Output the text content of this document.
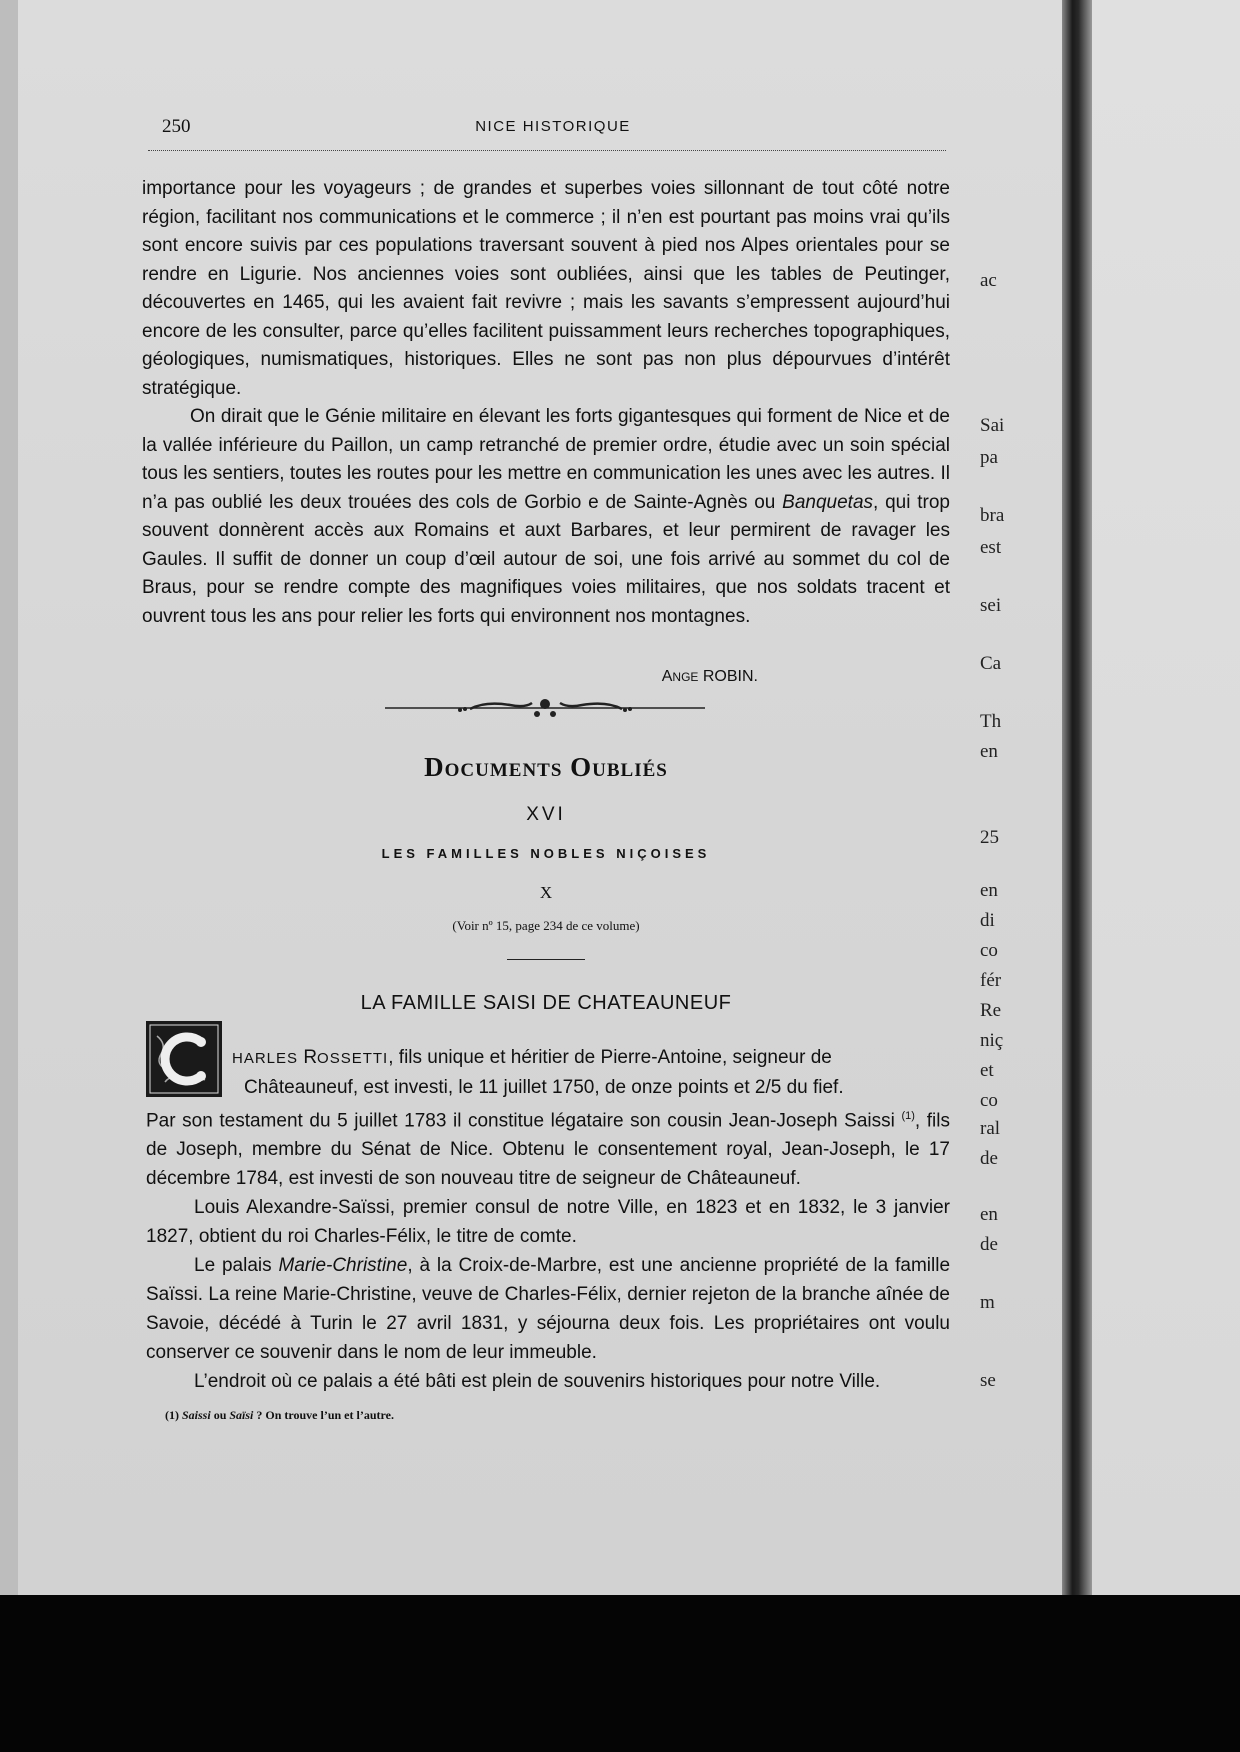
ac
Sai
pa
bra
est
sei
Ca
Th
en
25
en
di
co
fér
Re
niç
et
co
ral
de
en
de
m
se
250	NICE HISTORIQUE

importance pour les voyageurs ; de grandes et superbes voies sillonnant de tout côté notre région, facilitant nos communications et le commerce ; il n’en est pourtant pas moins vrai qu’ils sont encore suivis par ces populations traversant souvent à pied nos Alpes orientales pour se rendre en Ligurie. Nos anciennes voies sont oubliées, ainsi que les tables de Peutinger, découvertes en 1465, qui les avaient fait revivre ; mais les savants s’empressent aujourd’hui encore de les consulter, parce qu’elles facilitent puissamment leurs recherches topographiques, géologiques, numismatiques, historiques. Elles ne sont pas non plus dépourvues d’intérêt stratégique.

On dirait que le Génie militaire en élevant les forts gigantesques qui forment de Nice et de la vallée inférieure du Paillon, un camp retranché de premier ordre, étudie avec un soin spécial tous les sentiers, toutes les routes pour les mettre en communication les unes avec les autres. Il n’a pas oublié les deux trouées des cols de Gorbio e de Sainte-Agnès ou Banquetas, qui trop souvent donnèrent accès aux Romains et auxt Barbares, et leur permirent de ravager les Gaules. Il suffit de donner un coup d’œil autour de soi, une fois arrivé au sommet du col de Braus, pour se rendre compte des magnifiques voies militaires, que nos soldats tracent et ouvrent tous les ans pour relier les forts qui environnent nos montagnes.

ANGE ROBIN.
Documents Oubliés
XVI
LES FAMILLES NOBLES NIÇOISES
X
(Voir nº 15, page 234 de ce volume)
LA FAMILLE SAISI DE CHATEAUNEUF

HARLES ROSSETTI, fils unique et héritier de Pierre-Antoine, seigneur de

Châteauneuf, est investi, le 11 juillet 1750, de onze points et 2/5 du fief.

Par son testament du 5 juillet 1783 il constitue légataire son cousin Jean-Joseph Saissi $^{(1)}$, fils de Joseph, membre du Sénat de Nice. Obtenu le consentement royal, Jean-Joseph, le 17 décembre 1784, est investi de son nouveau titre de seigneur de Châteauneuf.

Louis Alexandre-Saïssi, premier consul de notre Ville, en 1823 et en 1832, le 3 janvier 1827, obtient du roi Charles-Félix, le titre de comte.

Le palais Marie-Christine, à la Croix-de-Marbre, est une ancienne propriété de la famille Saïssi. La reine Marie-Christine, veuve de Charles-Félix, dernier rejeton de la branche aînée de Savoie, décédé à Turin le 27 avril 1831, y séjourna deux fois. Les propriétaires ont voulu conserver ce souvenir dans le nom de leur immeuble.

L’endroit où ce palais a été bâti est plein de souvenirs historiques pour notre Ville.

(1) Saissi ou Saïsi ? On trouve l’un et l’autre.
